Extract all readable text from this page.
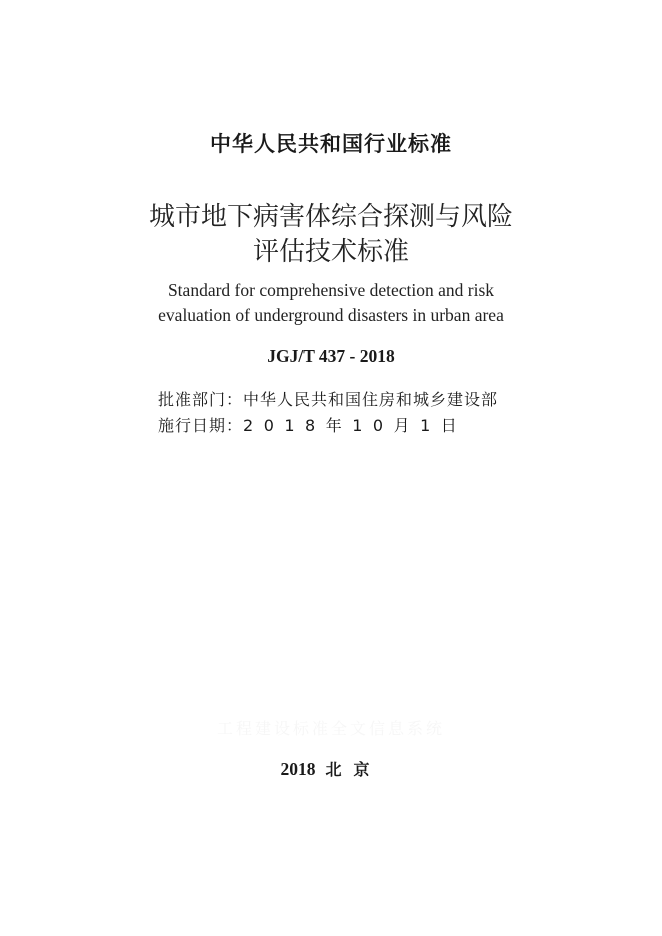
中华人民共和国行业标准
城市地下病害体综合探测与风险
评估技术标准
Standard for comprehensive detection and risk
evaluation of underground disasters in urban area
JGJ/T 437 - 2018
批准部门：中华人民共和国住房和城乡建设部
施行日期：2018年10月1日
工程建设标准全文信息系统
2018 北京
